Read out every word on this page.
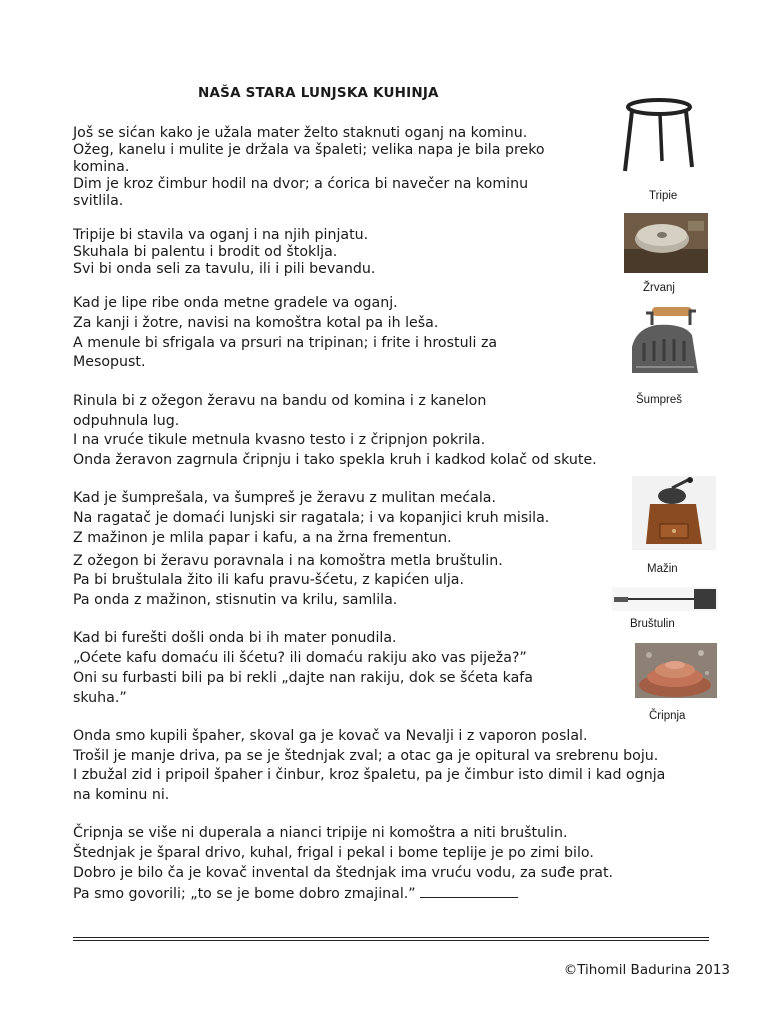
NAŠA STARA LUNJSKA KUHINJA
Još se sićan kako je užala mater želto staknuti oganj na kominu.
Ožeg, kanelu i mulite je držala va špaleti; velika napa je bila preko
komina.
Dim je kroz čimbur hodil na dvor; a ćorica bi navečer na kominu
svitlila.
Tripije bi stavila va oganj i na njih pinjatu.
Skuhala bi palentu i brodit od štoklja.
Svi bi onda seli za tavulu, ili i pili bevandu.
Kad je lipe ribe onda metne gradele va oganj.
Za kanji i žotre, navisi na komoštra kotal pa ih leša.
A menule bi sfrigala va prsuri na tripinan; i frite i hrostuli za
Mesopust.
Rinula bi z ožegon žeravu na bandu od komina i z kanelon
odpuhnula lug.
I na vruće tikule metnula kvasno testo i z čripnjon pokrila.
Onda žeravon zagrnula čripnju i tako spekla kruh i kadkod kolač od skute.
Kad je šumprešala, va šumpreš je žeravu z mulitan mećala.
Na ragatač je domaći lunjski sir ragatala; i va kopanjici kruh misila.
Z mažinon je mlila papar i kafu, a na žrna frementun.
Z ožegon bi žeravu poravnala i na komoštra metla bruštulin.
Pa bi bruštulala žito ili kafu pravu-šćetu, z kapićen ulja.
Pa onda z mažinon, stisnutin va krilu, samlila.
Kad bi furešti došli onda bi ih mater ponudila.
„Oćete kafu domaću ili šćetu? ili domaću rakiju ako vas piježa?”
Oni su furbasti bili pa bi rekli „dajte nan rakiju, dok se šćeta kafa
skuha.”
Onda smo kupili špaher, skoval ga je kovač va Nevalji i z vaporon poslal.
Trošil je manje driva, pa se je štednjak zval; a otac ga je opitural va srebrenu boju.
I zbužal zid i pripoil špaher i činbur, kroz špaletu, pa je čimbur isto dimil i kad ognja
na kominu ni.
Čripnja se više ni duperala a nianci tripije ni komoštra a niti bruštulin.
Štednjak je šparal drivo, kuhal, frigal i pekal i bome teplije je po zimi bilo.
Dobro je bilo ča je kovač invental da štednjak ima vruću vodu, za suđe prat.
Pa smo govorili; „to se je bome dobro zmajinal.”
Tripie
Žrvanj
Šumpreš
Mažin
Bruštulin
Čripnja
©Tihomil Badurina 2013
